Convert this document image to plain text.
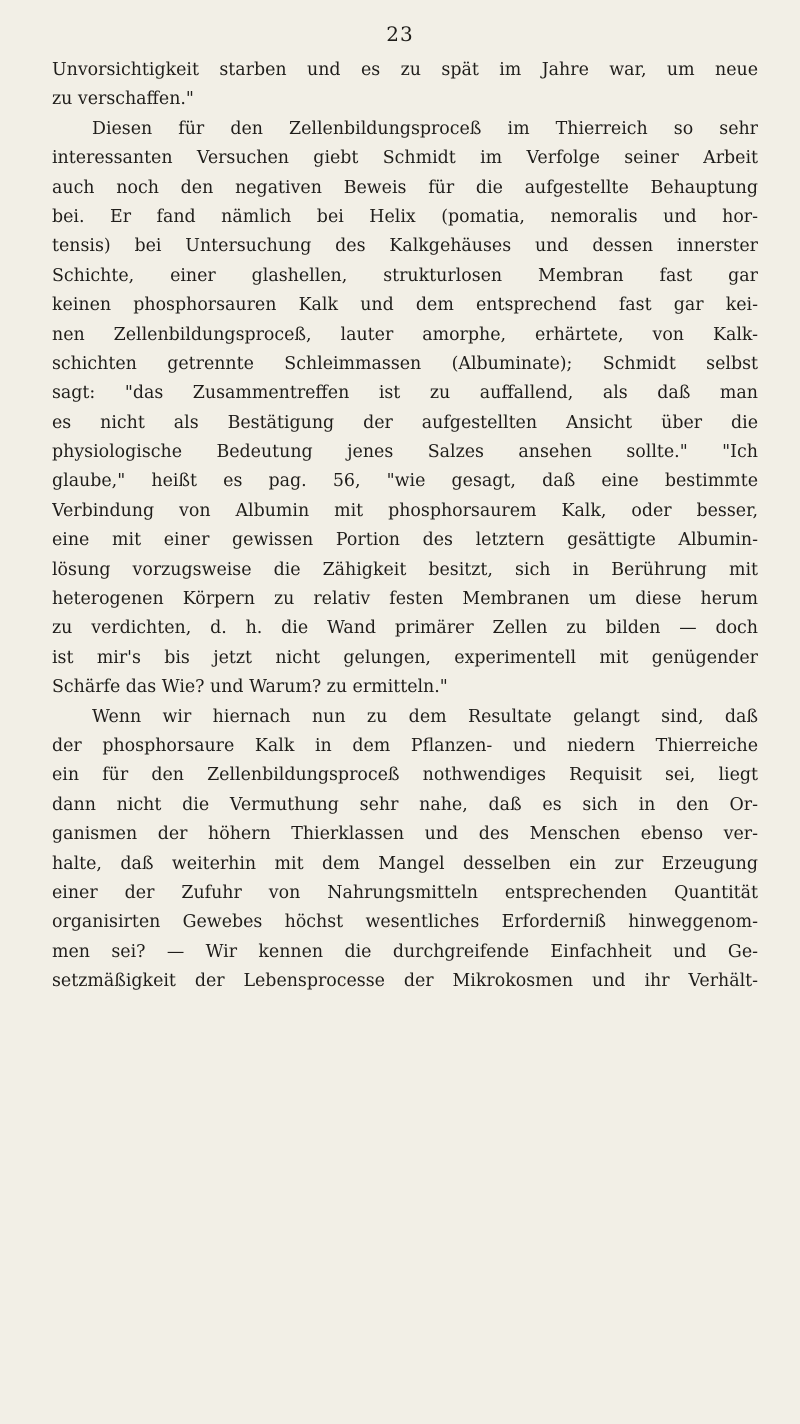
23
Unvorsichtigkeit starben und es zu spät im Jahre war, um neue
zu verschaffen."
Diesen für den Zellenbildungsproceß im Thierreich so sehr
interessanten Versuchen giebt Schmidt im Verfolge seiner Arbeit
auch noch den negativen Beweis für die aufgestellte Behauptung
bei. Er fand nämlich bei Helix (pomatia, nemoralis und hor-
tensis) bei Untersuchung des Kalkgehäuses und dessen innerster
Schichte, einer glashellen, strukturlosen Membran fast gar
keinen phosphorsauren Kalk und dem entsprechend fast gar kei-
nen Zellenbildungsproceß, lauter amorphe, erhärtete, von Kalk-
schichten getrennte Schleimmassen (Albuminate); Schmidt selbst
sagt: "das Zusammentreffen ist zu auffallend, als daß man
es nicht als Bestätigung der aufgestellten Ansicht über die
physiologische Bedeutung jenes Salzes ansehen sollte." "Ich
glaube," heißt es pag. 56, "wie gesagt, daß eine bestimmte
Verbindung von Albumin mit phosphorsaurem Kalk, oder besser,
eine mit einer gewissen Portion des letztern gesättigte Albumin-
lösung vorzugsweise die Zähigkeit besitzt, sich in Berührung mit
heterogenen Körpern zu relativ festen Membranen um diese herum
zu verdichten, d. h. die Wand primärer Zellen zu bilden — doch
ist mir's bis jetzt nicht gelungen, experimentell mit genügender
Schärfe das Wie? und Warum? zu ermitteln."
Wenn wir hiernach nun zu dem Resultate gelangt sind, daß
der phosphorsaure Kalk in dem Pflanzen- und niedern Thierreiche
ein für den Zellenbildungsproceß nothwendiges Requisit sei, liegt
dann nicht die Vermuthung sehr nahe, daß es sich in den Or-
ganismen der höhern Thierklassen und des Menschen ebenso ver-
halte, daß weiterhin mit dem Mangel desselben ein zur Erzeugung
einer der Zufuhr von Nahrungsmitteln entsprechenden Quantität
organisirten Gewebes höchst wesentliches Erforderniß hinweggenom-
men sei? — Wir kennen die durchgreifende Einfachheit und Ge-
setzmäßigkeit der Lebensprocesse der Mikrokosmen und ihr Verhält-
